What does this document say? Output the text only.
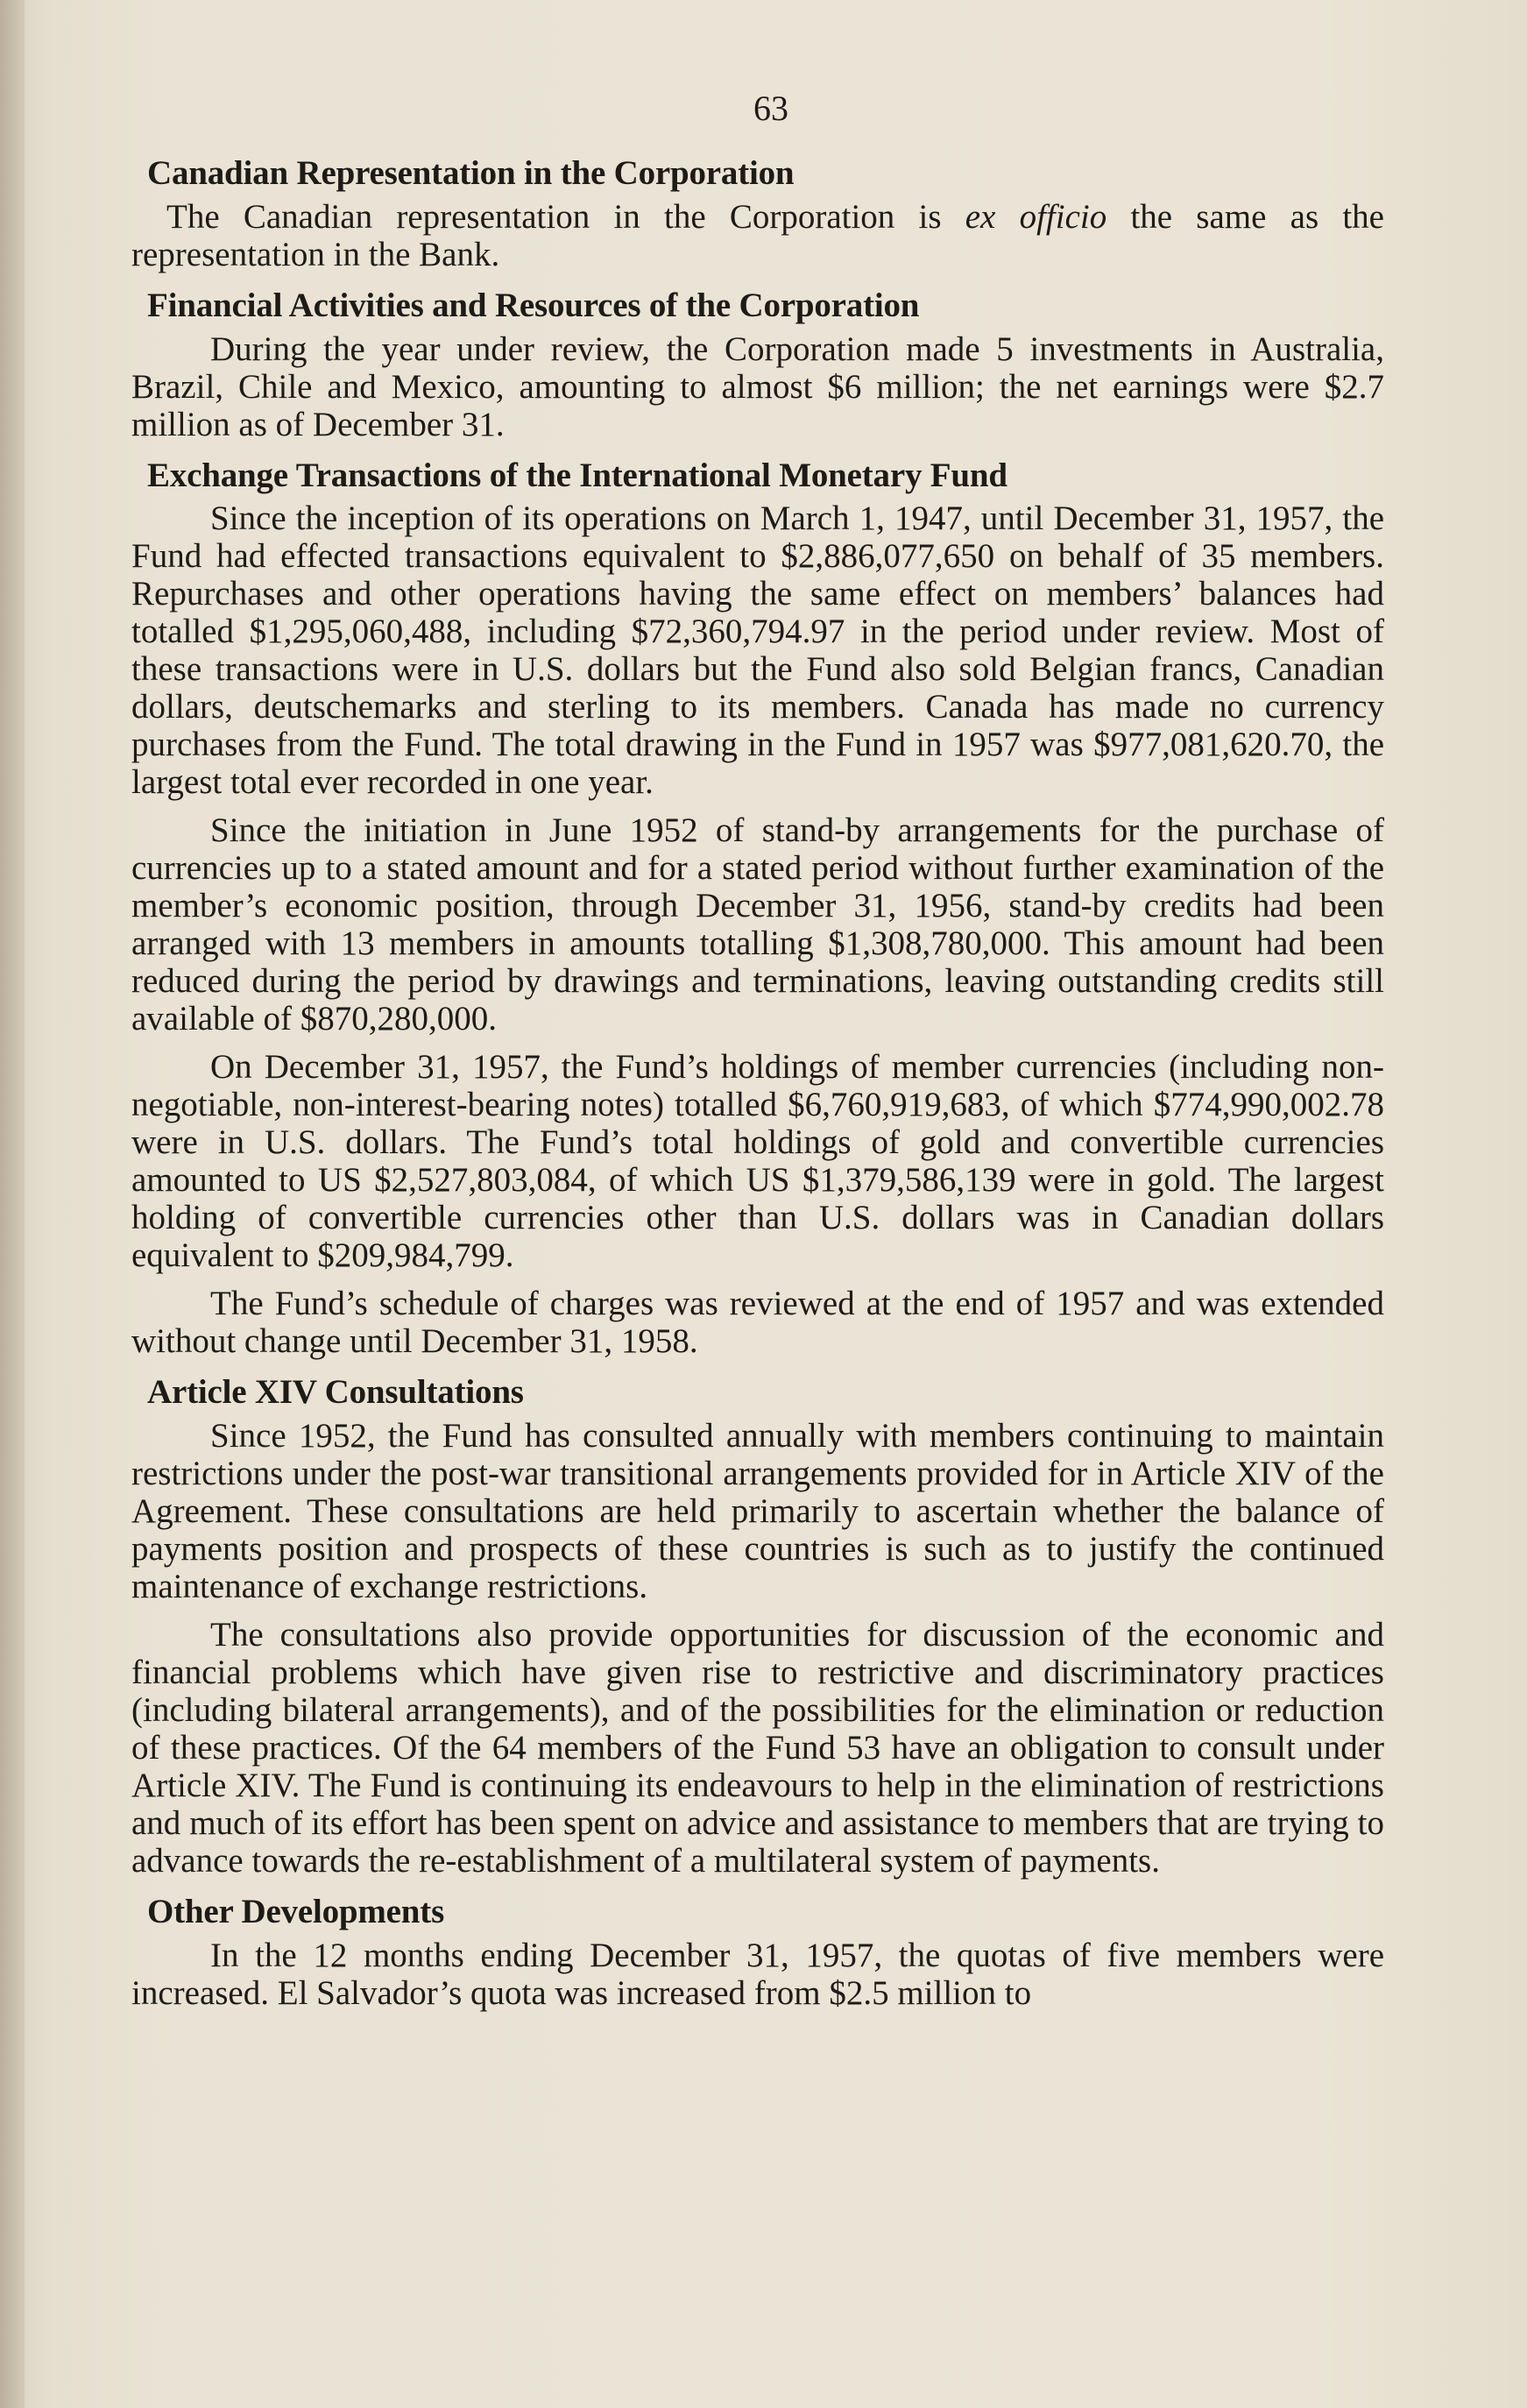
63
Canadian Representation in the Corporation

The Canadian representation in the Corporation is ex officio the same as the representation in the Bank.

Financial Activities and Resources of the Corporation

During the year under review, the Corporation made 5 investments in Australia, Brazil, Chile and Mexico, amounting to almost $6 million; the net earnings were $2.7 million as of December 31.

Exchange Transactions of the International Monetary Fund

Since the inception of its operations on March 1, 1947, until December 31, 1957, the Fund had effected transactions equivalent to $2,886,077,650 on behalf of 35 members. Repurchases and other operations having the same effect on members’ balances had totalled $1,295,060,488, including $72,360,794.97 in the period under review. Most of these transactions were in U.S. dollars but the Fund also sold Belgian francs, Canadian dollars, deutschemarks and sterling to its members. Canada has made no currency purchases from the Fund. The total drawing in the Fund in 1957 was $977,081,620.70, the largest total ever recorded in one year.

Since the initiation in June 1952 of stand-by arrangements for the purchase of currencies up to a stated amount and for a stated period without further examination of the member’s economic position, through December 31, 1956, stand-by credits had been arranged with 13 members in amounts totalling $1,308,780,000. This amount had been reduced during the period by drawings and terminations, leaving outstanding credits still available of $870,280,000.

On December 31, 1957, the Fund’s holdings of member currencies (including non-negotiable, non-interest-bearing notes) totalled $6,760,919,683, of which $774,990,002.78 were in U.S. dollars. The Fund’s total holdings of gold and convertible currencies amounted to US $2,527,803,084, of which US $1,379,586,139 were in gold. The largest holding of convertible currencies other than U.S. dollars was in Canadian dollars equivalent to $209,984,799.

The Fund’s schedule of charges was reviewed at the end of 1957 and was extended without change until December 31, 1958.

Article XIV Consultations

Since 1952, the Fund has consulted annually with members continuing to maintain restrictions under the post-war transitional arrangements provided for in Article XIV of the Agreement. These consultations are held primarily to ascertain whether the balance of payments position and prospects of these countries is such as to justify the continued maintenance of exchange restrictions.

The consultations also provide opportunities for discussion of the economic and financial problems which have given rise to restrictive and discriminatory practices (including bilateral arrangements), and of the possibilities for the elimination or reduction of these practices. Of the 64 members of the Fund 53 have an obligation to consult under Article XIV. The Fund is continuing its endeavours to help in the elimination of restrictions and much of its effort has been spent on advice and assistance to members that are trying to advance towards the re-establishment of a multilateral system of payments.

Other Developments

In the 12 months ending December 31, 1957, the quotas of five members were increased. El Salvador’s quota was increased from $2.5 million to
